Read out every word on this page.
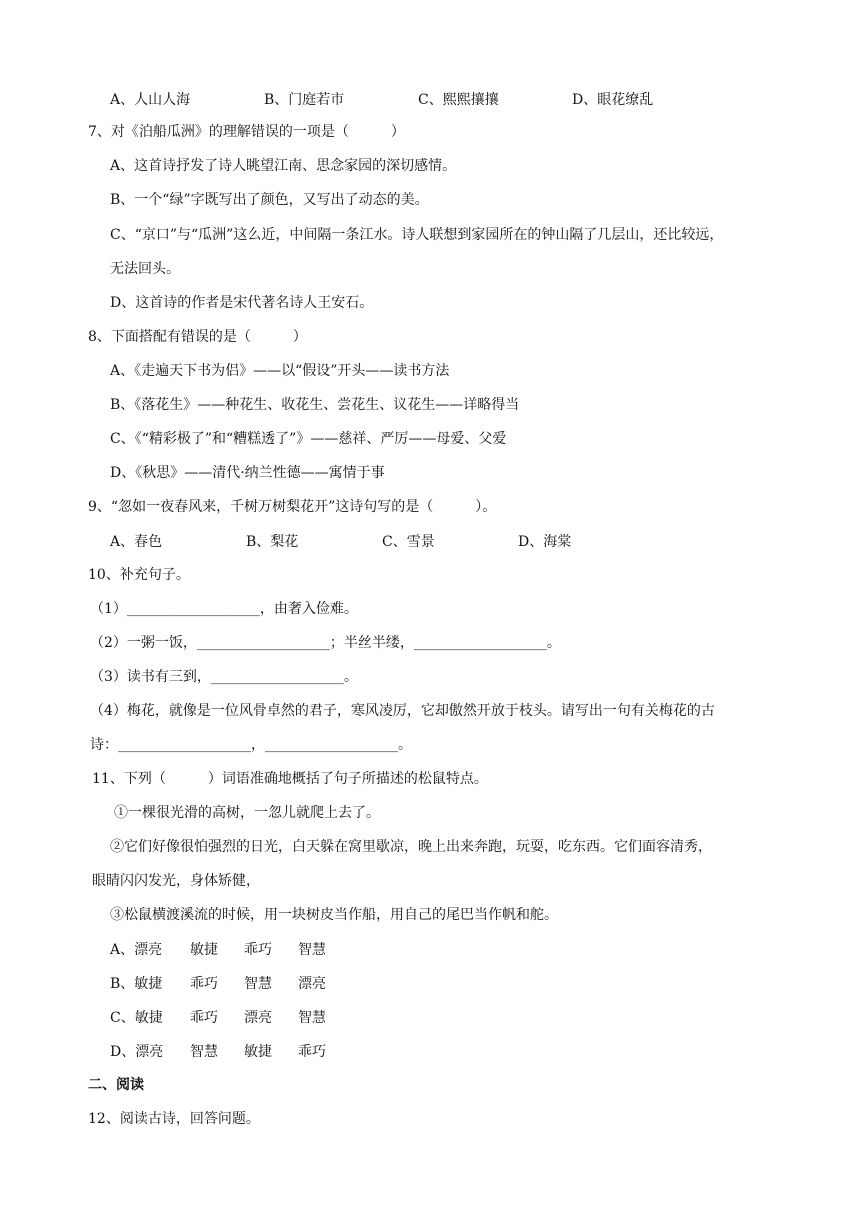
A、人山人海	B、门庭若市	C、熙熙攘攘	D、眼花缭乱
7、对《泊船瓜洲》的理解错误的一项是（　　　）
A、这首诗抒发了诗人眺望江南、思念家园的深切感情。
B、一个“绿”字既写出了颜色，又写出了动态的美。
C、“京口”与“瓜洲”这么近，中间隔一条江水。诗人联想到家园所在的钟山隔了几层山，还比较远，
无法回头。
D、这首诗的作者是宋代著名诗人王安石。
8、下面搭配有错误的是（　　　）
A、《走遍天下书为侣》——以“假设”开头——读书方法
B、《落花生》——种花生、收花生、尝花生、议花生——详略得当
C、《“精彩极了”和“糟糕透了”》——慈祥、严厉——母爱、父爱
D、《秋思》——清代·纳兰性德——寓情于事
9、“忽如一夜春风来，千树万树梨花开”这诗句写的是（　　　）。
A、春色	B、梨花	C、雪景	D、海棠
10、补充句子。
（1）___________________，由奢入俭难。
（2）一粥一饭，___________________；半丝半缕，___________________。
（3）读书有三到，___________________。
（4）梅花，就像是一位风骨卓然的君子，寒风凌厉，它却傲然开放于枝头。请写出一句有关梅花的古
诗：___________________，___________________。
11、下列（　　　）词语准确地概括了句子所描述的松鼠特点。
①一棵很光滑的高树，一忽儿就爬上去了。
②它们好像很怕强烈的日光，白天躲在窝里歇凉，晚上出来奔跑，玩耍，吃东西。它们面容清秀，
眼睛闪闪发光，身体矫健，
③松鼠横渡溪流的时候，用一块树皮当作船，用自己的尾巴当作帆和舵。
A、漂亮 敏捷 乖巧 智慧
B、敏捷 乖巧 智慧 漂亮
C、敏捷 乖巧 漂亮 智慧
D、漂亮 智慧 敏捷 乖巧
二、阅读
12、阅读古诗，回答问题。
